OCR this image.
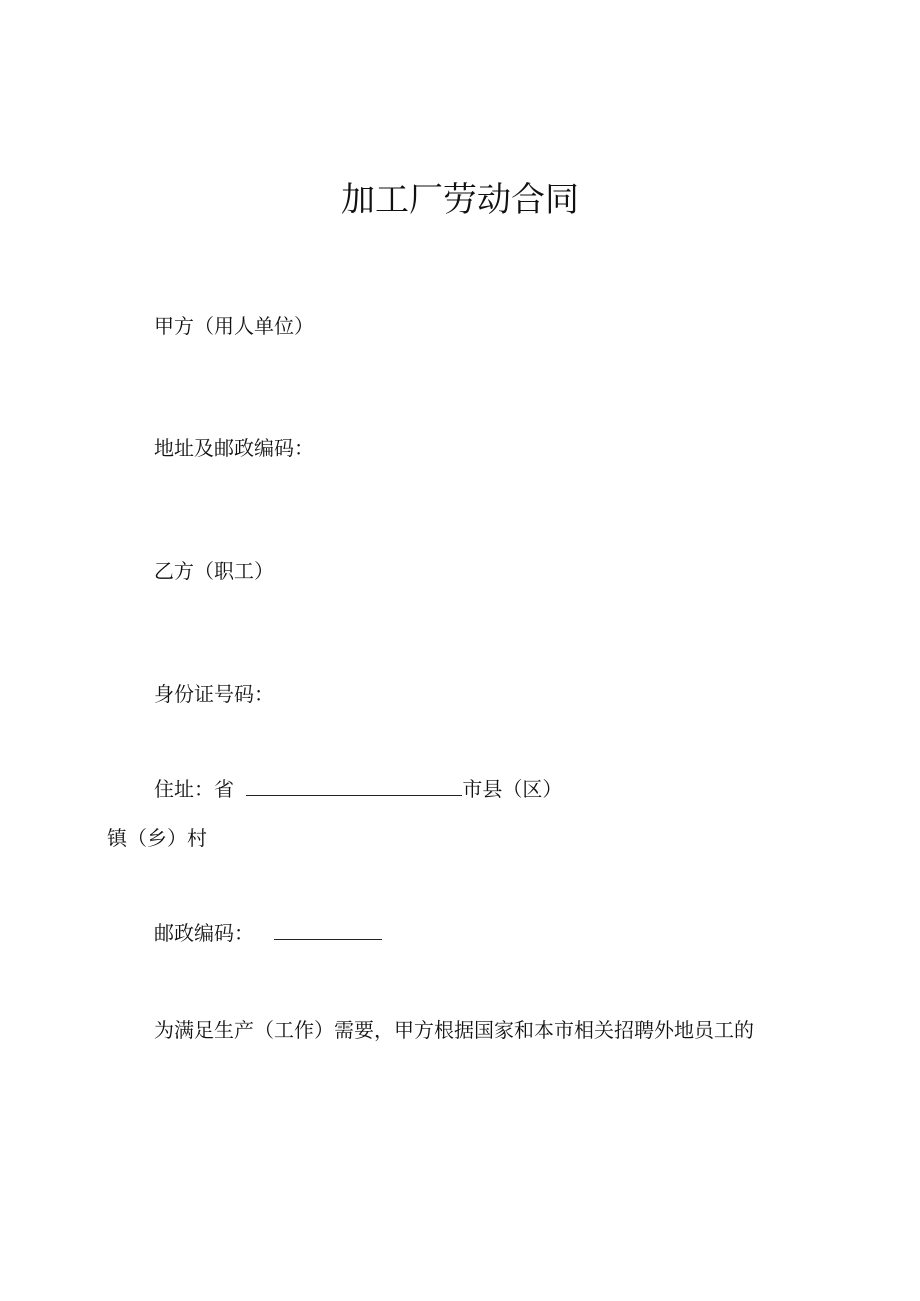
加工厂劳动合同
甲方（用人单位）
地址及邮政编码：
乙方（职工）
身份证号码：
住址：省	市县（区）
镇（乡）村
邮政编码：
为满足生产（工作）需要，甲方根据国家和本市相关招聘外地员工的
